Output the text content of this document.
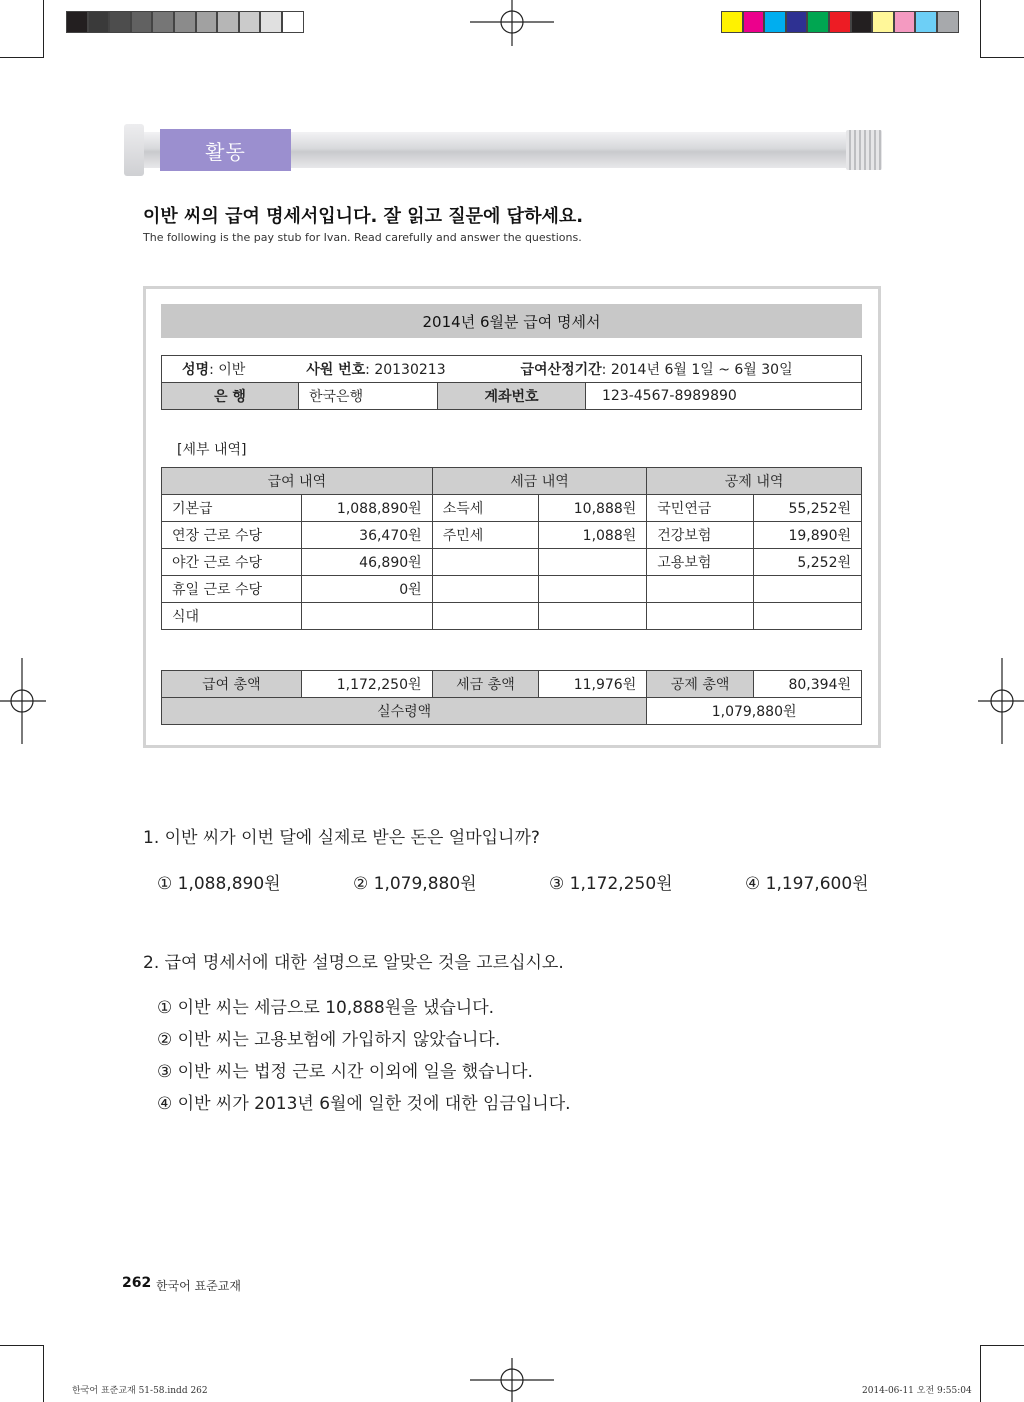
활동
이반 씨의 급여 명세서입니다. 잘 읽고 질문에 답하세요.
The following is the pay stub for Ivan. Read carefully and answer the questions.
2014년 6월분 급여 명세서
성명: 이반	사원 번호: 20130213	급여산정기간: 2014년 6월 1일 ~ 6월 30일
은 행	한국은행	계좌번호	123-4567-8989890
[세부 내역]
급여 내역		세금 내역		공제 내역	
기본급	1,088,890원	소득세	10,888원	국민연금	55,252원
연장 근로 수당	36,470원	주민세	1,088원	건강보험	19,890원
야간 근로 수당	46,890원			고용보험	5,252원
휴일 근로 수당	0원				
식대					
급여 총액	1,172,250원	세금 총액	11,976원	공제 총액	80,394원
실수령액				1,079,880원	
1. 이반 씨가 이번 달에 실제로 받은 돈은 얼마입니까?
① 1,088,890원	② 1,079,880원	③ 1,172,250원	④ 1,197,600원
2. 급여 명세서에 대한 설명으로 알맞은 것을 고르십시오.
① 이반 씨는 세금으로 10,888원을 냈습니다.
② 이반 씨는 고용보험에 가입하지 않았습니다.
③ 이반 씨는 법정 근로 시간 이외에 일을 했습니다.
④ 이반 씨가 2013년 6월에 일한 것에 대한 임금입니다.
262 한국어 표준교재
한국어 표준교재 51-58.indd 262	2014-06-11 오전 9:55:04
